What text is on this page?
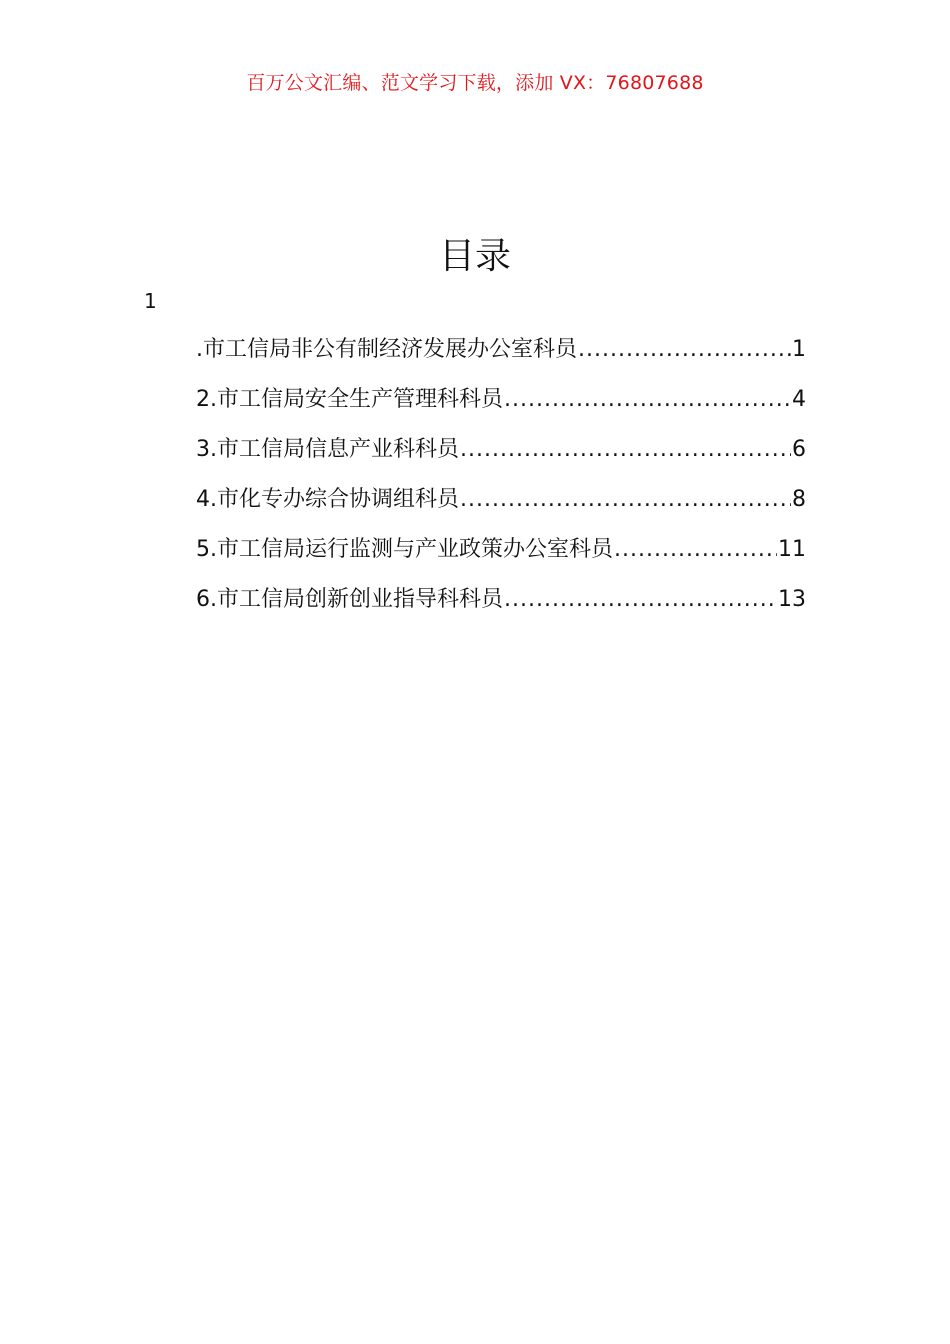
百万公文汇编、范文学习下载，添加 VX：76807688
目录
1
.市工信局非公有制经济发展办公室科员 .....	1
2.市工信局安全生产管理科科员 .....	4
3.市工信局信息产业科科员 .....	6
4.市化专办综合协调组科员 .....	8
5.市工信局运行监测与产业政策办公室科员 .....	11
6.市工信局创新创业指导科科员 .....	13
